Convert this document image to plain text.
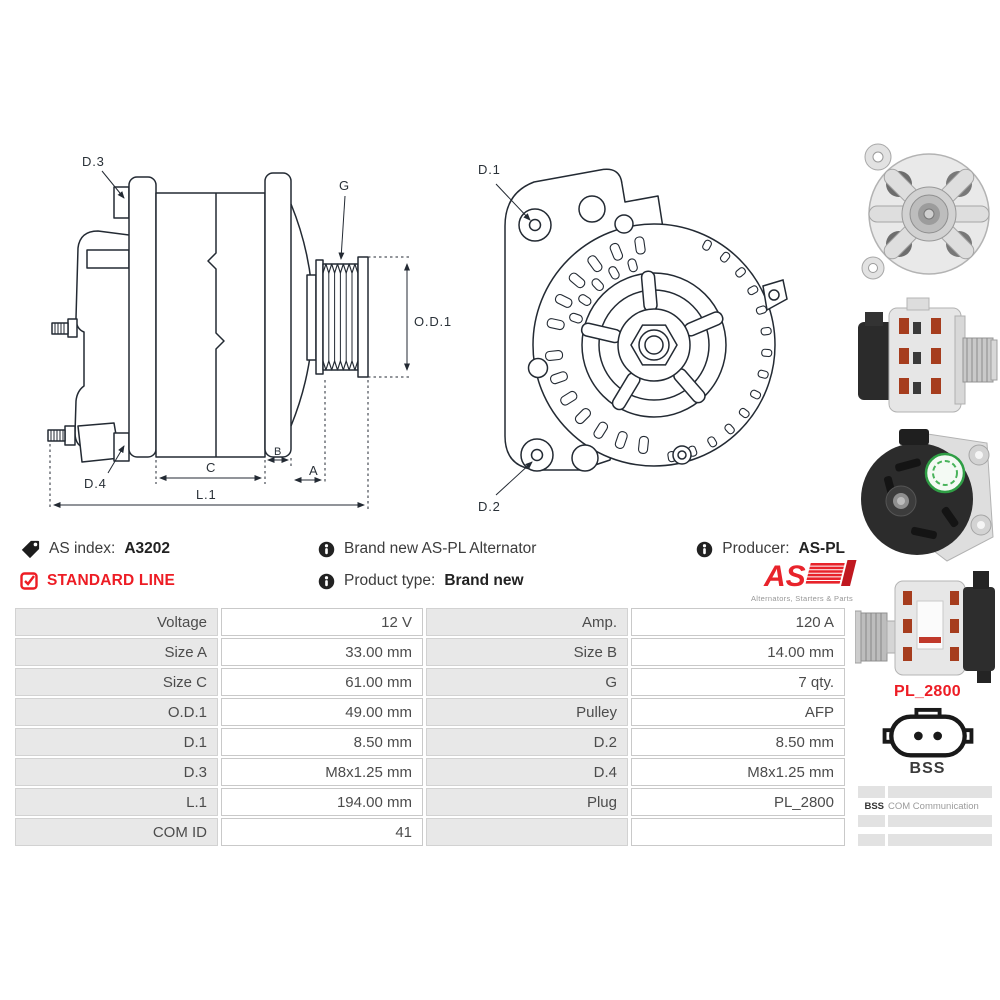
D.3
D.4
G
O.D.1
C
B
A
L.1
D.1
D.2
PL_2800
BSS
BSS COM Communication
AS index: A3202
STANDARD LINE
Brand new AS-PL Alternator
Product type: Brand new
Producer: AS-PL
AS
Alternators, Starters & Parts
Voltage	12 V	Amp.	120 A
Size A	33.00 mm	Size B	14.00 mm
Size C	61.00 mm	G	7 qty.
O.D.1	49.00 mm	Pulley	AFP
D.1	8.50 mm	D.2	8.50 mm
D.3	M8x1.25 mm	D.4	M8x1.25 mm
L.1	194.00 mm	Plug	PL_2800
COM ID	41
